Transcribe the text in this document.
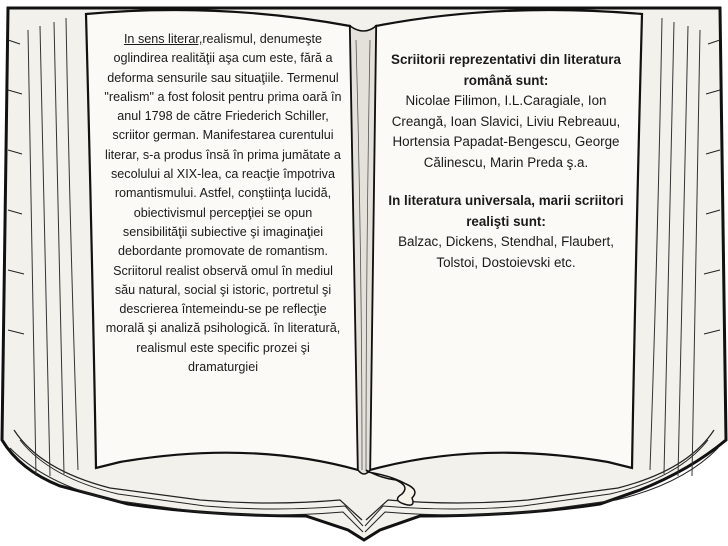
In sens literar,realismul, denumeşte oglindirea realităţii aşa cum este, fără a deforma sensurile sau situaţiile. Termenul "realism" a fost folosit pentru prima oară în anul 1798 de către Friederich Schiller, scriitor german. Manifestarea curentului literar, s-a produs însă în prima jumătate a secolului al XIX-lea, ca reacţie împotriva romantismului. Astfel, conştiinţa lucidă, obiectivismul percepţiei se opun sensibilităţii subiective şi imaginaţiei debordante promovate de romantism. Scriitorul realist observă omul în mediul său natural, social şi istoric, portretul şi descrierea întemeindu-se pe reflecţie morală şi analiză psihologică. în literatură, realismul este specific prozei şi dramaturgiei

Scriitorii reprezentativi din literatura română sunt:

Nicolae Filimon, I.L.Caragiale, Ion Creangă, Ioan Slavici, Liviu Rebreauu, Hortensia Papadat-Bengescu, George Călinescu, Marin Preda ş.a.

In literatura universala, marii scriitori realişti sunt:

Balzac, Dickens, Stendhal, Flaubert, Tolstoi, Dostoievski etc.
